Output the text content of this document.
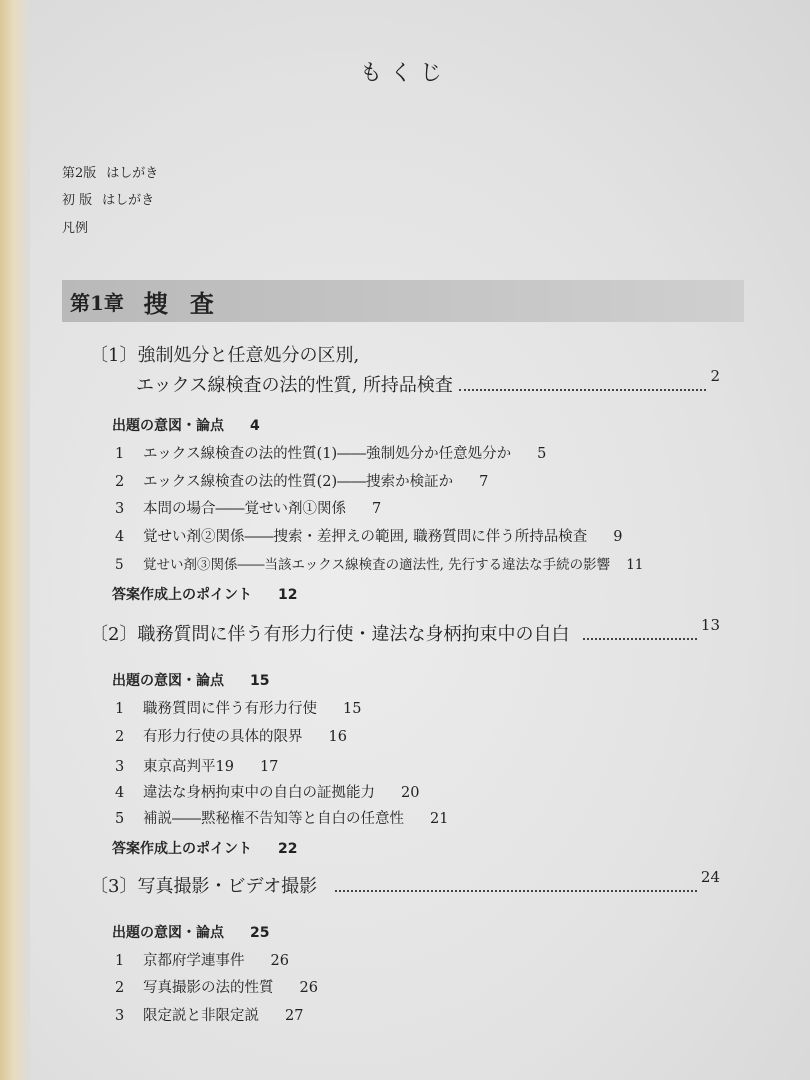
もくじ
第2版 はしがき
初 版 はしがき
凡例
第1章 捜査
〔1〕 強制処分と任意処分の区別,
エックス線検査の法的性質, 所持品検査	2
出題の意図・論点 4
1 エックス線検査の法的性質(1)――強制処分か任意処分か 5
2 エックス線検査の法的性質(2)――捜索か検証か 7
3 本問の場合――覚せい剤①関係 7
4 覚せい剤②関係――捜索・差押えの範囲, 職務質問に伴う所持品検査 9
5 覚せい剤③関係――当該エックス線検査の適法性, 先行する違法な手続の影響 11
答案作成上のポイント 12
〔2〕 職務質問に伴う有形力行使・違法な身柄拘束中の自白	13
出題の意図・論点 15
1 職務質問に伴う有形力行使 15
2 有形力行使の具体的限界 16
3 東京高判平19 17
4 違法な身柄拘束中の自白の証拠能力 20
5 補説――黙秘権不告知等と自白の任意性 21
答案作成上のポイント 22
〔3〕 写真撮影・ビデオ撮影	24
出題の意図・論点 25
1 京都府学連事件 26
2 写真撮影の法的性質 26
3 限定説と非限定説 27
